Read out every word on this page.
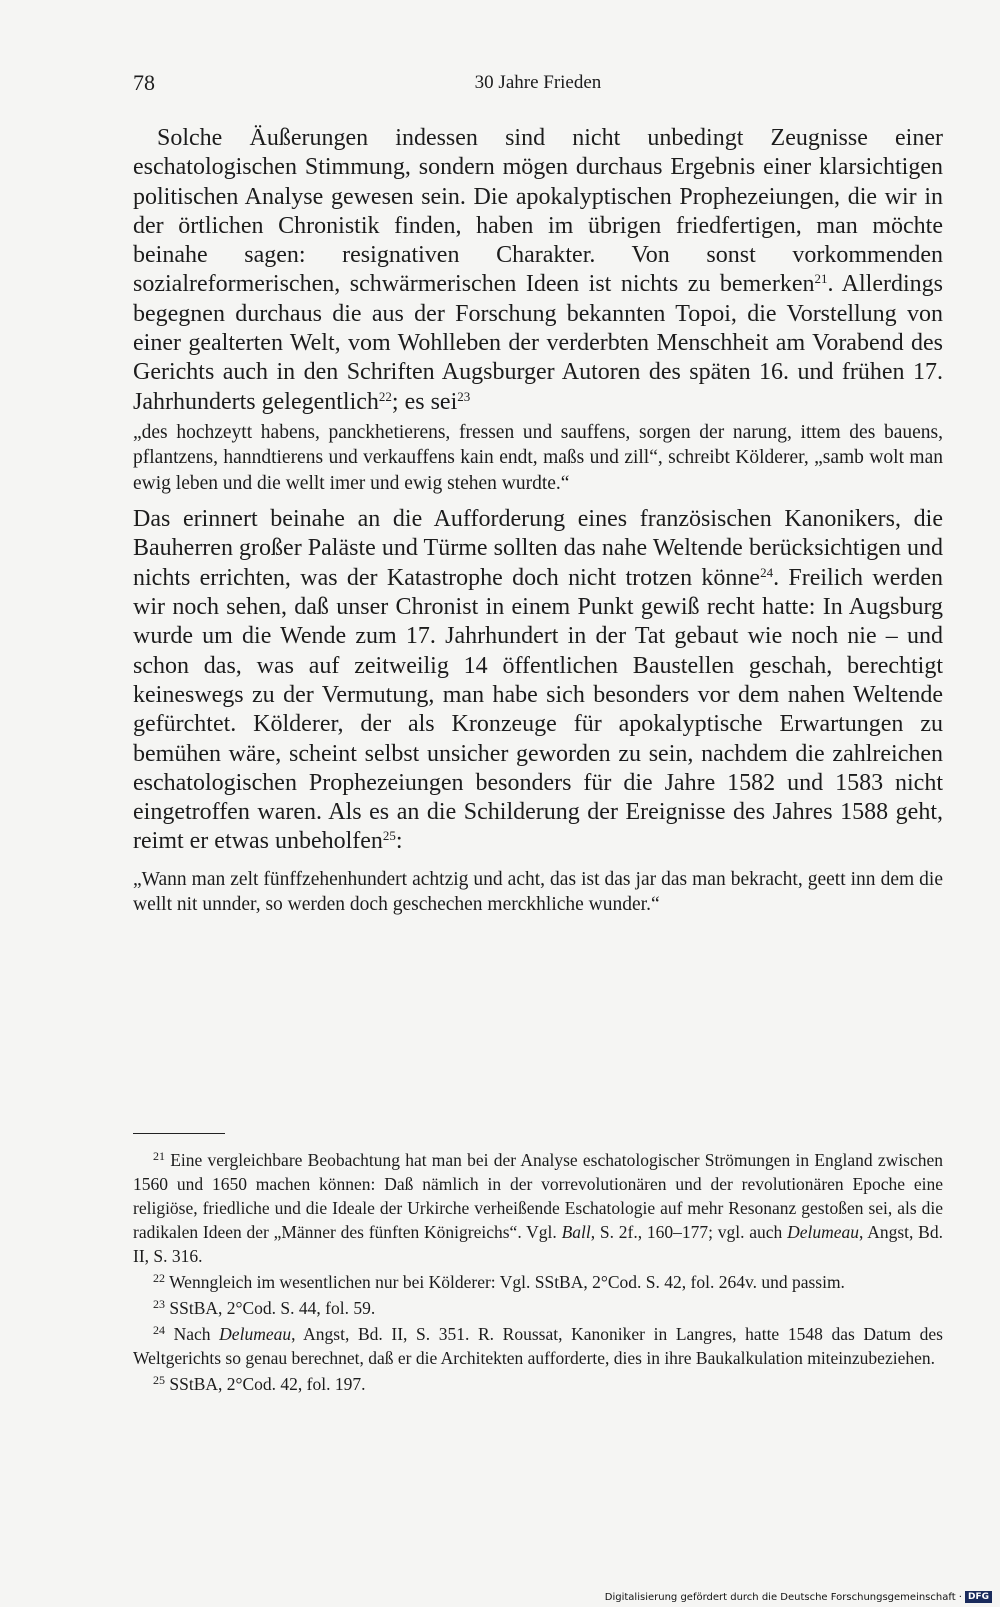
78	30 Jahre Frieden

Solche Äußerungen indessen sind nicht unbedingt Zeugnisse einer eschatologischen Stimmung, sondern mögen durchaus Ergebnis einer klarsichtigen politischen Analyse gewesen sein. Die apokalyptischen Prophezeiungen, die wir in der örtlichen Chronistik finden, haben im übrigen friedfertigen, man möchte beinahe sagen: resignativen Charakter. Von sonst vorkommenden sozialreformerischen, schwärmerischen Ideen ist nichts zu bemerken$^{21}$. Allerdings begegnen durchaus die aus der Forschung bekannten Topoi, die Vorstellung von einer gealterten Welt, vom Wohlleben der verderbten Menschheit am Vorabend des Gerichts auch in den Schriften Augsburger Autoren des späten 16. und frühen 17. Jahrhunderts gelegentlich$^{22}$; es sei$^{23}$

„des hochzeytt habens, panckhetierens, fressen und sauffens, sorgen der narung, ittem des bauens, pflantzens, hanndtierens und verkauffens kain endt, maßs und zill“, schreibt Kölderer, „samb wolt man ewig leben und die wellt imer und ewig stehen wurdte.“

Das erinnert beinahe an die Aufforderung eines französischen Kanonikers, die Bauherren großer Paläste und Türme sollten das nahe Weltende berücksichtigen und nichts errichten, was der Katastrophe doch nicht trotzen könne$^{24}$. Freilich werden wir noch sehen, daß unser Chronist in einem Punkt gewiß recht hatte: In Augsburg wurde um die Wende zum 17. Jahrhundert in der Tat gebaut wie noch nie – und schon das, was auf zeitweilig 14 öffentlichen Baustellen geschah, berechtigt keineswegs zu der Vermutung, man habe sich besonders vor dem nahen Weltende gefürchtet. Kölderer, der als Kronzeuge für apokalyptische Erwartungen zu bemühen wäre, scheint selbst unsicher geworden zu sein, nachdem die zahlreichen eschatologischen Prophezeiungen besonders für die Jahre 1582 und 1583 nicht eingetroffen waren. Als es an die Schilderung der Ereignisse des Jahres 1588 geht, reimt er etwas unbeholfen$^{25}$:

„Wann man zelt fünffzehenhundert achtzig und acht, das ist das jar das man bekracht, geett inn dem die wellt nit unnder, so werden doch geschechen merckhliche wunder.“

$^{21}$ Eine vergleichbare Beobachtung hat man bei der Analyse eschatologischer Strömungen in England zwischen 1560 und 1650 machen können: Daß nämlich in der vorrevolutionären und der revolutionären Epoche eine religiöse, friedliche und die Ideale der Urkirche verheißende Eschatologie auf mehr Resonanz gestoßen sei, als die radikalen Ideen der „Männer des fünften Königreichs“. Vgl. Ball, S. 2f., 160–177; vgl. auch Delumeau, Angst, Bd. II, S. 316.

$^{22}$ Wenngleich im wesentlichen nur bei Kölderer: Vgl. SStBA, 2°Cod. S. 42, fol. 264v. und passim.

$^{23}$ SStBA, 2°Cod. S. 44, fol. 59.

$^{24}$ Nach Delumeau, Angst, Bd. II, S. 351. R. Roussat, Kanoniker in Langres, hatte 1548 das Datum des Weltgerichts so genau berechnet, daß er die Architekten aufforderte, dies in ihre Baukalkulation miteinzubeziehen.

$^{25}$ SStBA, 2°Cod. 42, fol. 197.

Digitalisierung gefördert durch die Deutsche Forschungsgemeinschaft · DFG
